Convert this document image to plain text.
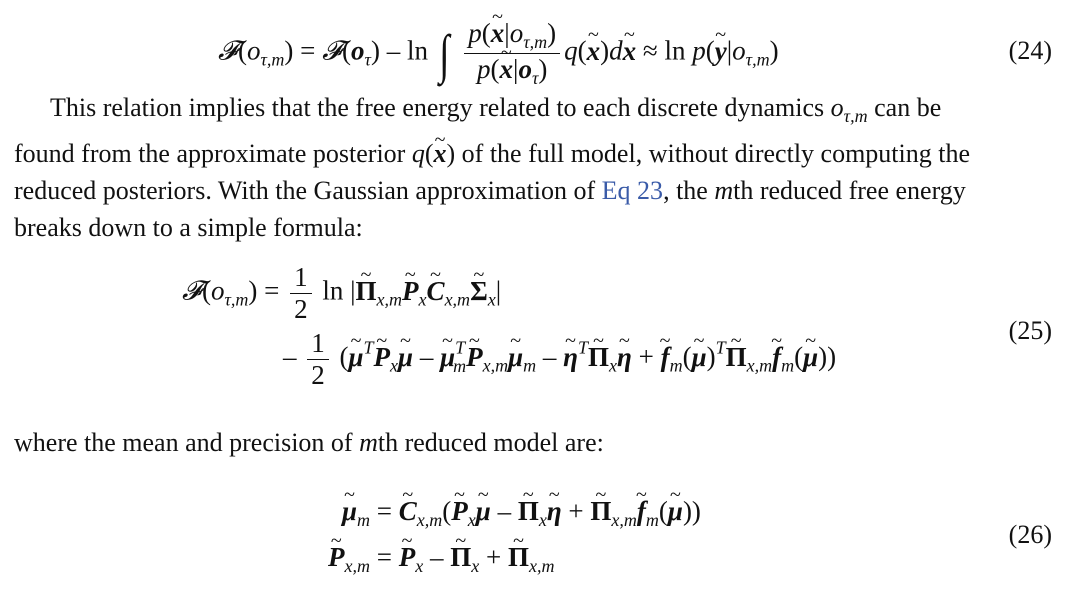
$𝓕(o_{\tau,m})$ = $𝓕(o_\tau)$ – ln ∫ $\frac{p(x \sim|o_{\tau,m})}{p(x \sim|o_\tau)} q(x$ ~)dx ~ ≈ ln p(y $\sim|o_{\tau,m}$)	(24)

This relation implies that the free energy related to each discrete dynamics $o_{\tau,m}$ can be
found from the approximate posterior q(x ~) of the full model, without directly computing the
reduced posteriors. With the Gaussian approximation of Eq 23, the mth reduced free energy
breaks down to a simple formula:

$𝓕(o_{\tau,m}) = \frac{1}{2}$ ln |Π $\sim_{x,m}P$ $\sim_xC$ $\sim_{x,m}\Sigma$ $\sim_x|$
– $\frac{1}{2} (\mu$ ~$^T$P $\sim_x\mu$ ~ – μ ~$^T_m$P $\sim_{x,m}\mu$ $\sim_m$ – η ~$^T$Π $\sim_x\eta$ ~ + f $\sim_m(\mu$ ~)$^T$Π $\sim_{x,m}f$ $\sim_m(\mu$ ~))
(25)

where the mean and precision of mth reduced model are:

μ $\sim_m = C$ $\sim_{x,m}(P$ $\sim_x\mu$ ~ – Π $\sim_x\eta$ ~ + Π $\sim_{x,m}f$ $\sim_m(\mu$ ~))
P $\sim_{x,m} = P$ $\sim_x$ – Π $\sim_x + \Pi$ $\sim_{x,m}$
(26)
